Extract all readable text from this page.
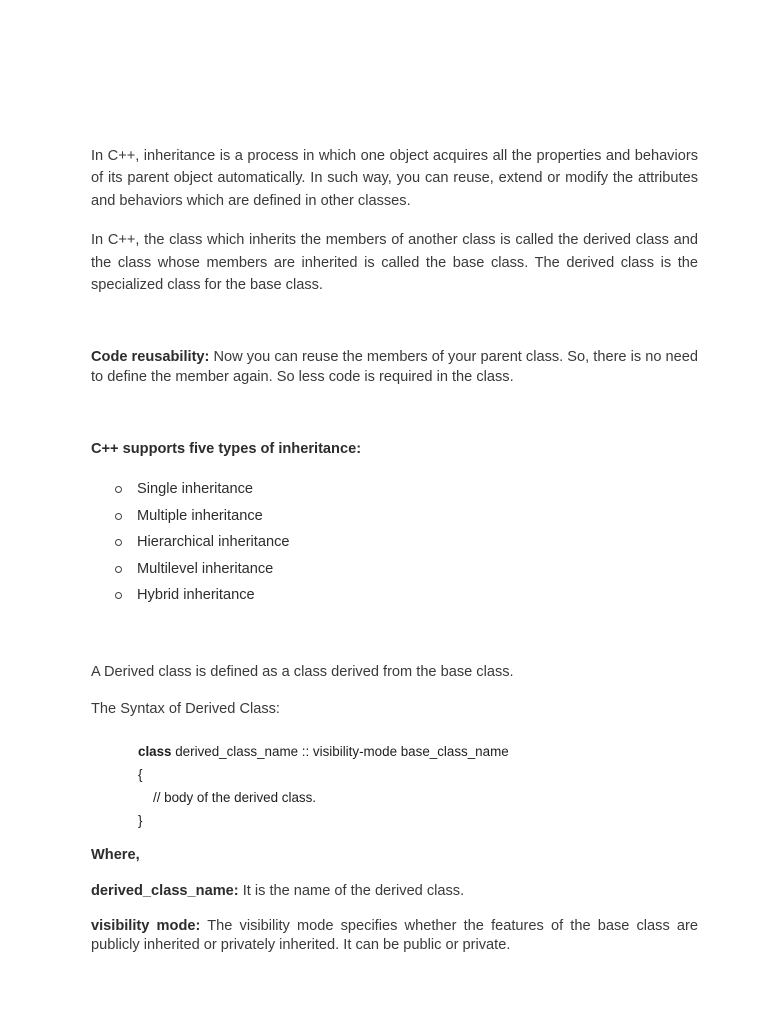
In C++, inheritance is a process in which one object acquires all the properties and behaviors of its parent object automatically. In such way, you can reuse, extend or modify the attributes and behaviors which are defined in other classes.

In C++, the class which inherits the members of another class is called the derived class and the class whose members are inherited is called the base class. The derived class is the specialized class for the base class.

Code reusability: Now you can reuse the members of your parent class. So, there is no need to define the member again. So less code is required in the class.

C++ supports five types of inheritance:
Single inheritance
Multiple inheritance
Hierarchical inheritance
Multilevel inheritance
Hybrid inheritance

A Derived class is defined as a class derived from the base class.

The Syntax of Derived Class:

class derived_class_name :: visibility-mode base_class_name
{
// body of the derived class.
}

Where,

derived_class_name: It is the name of the derived class.

visibility mode: The visibility mode specifies whether the features of the base class are publicly inherited or privately inherited. It can be public or private.
